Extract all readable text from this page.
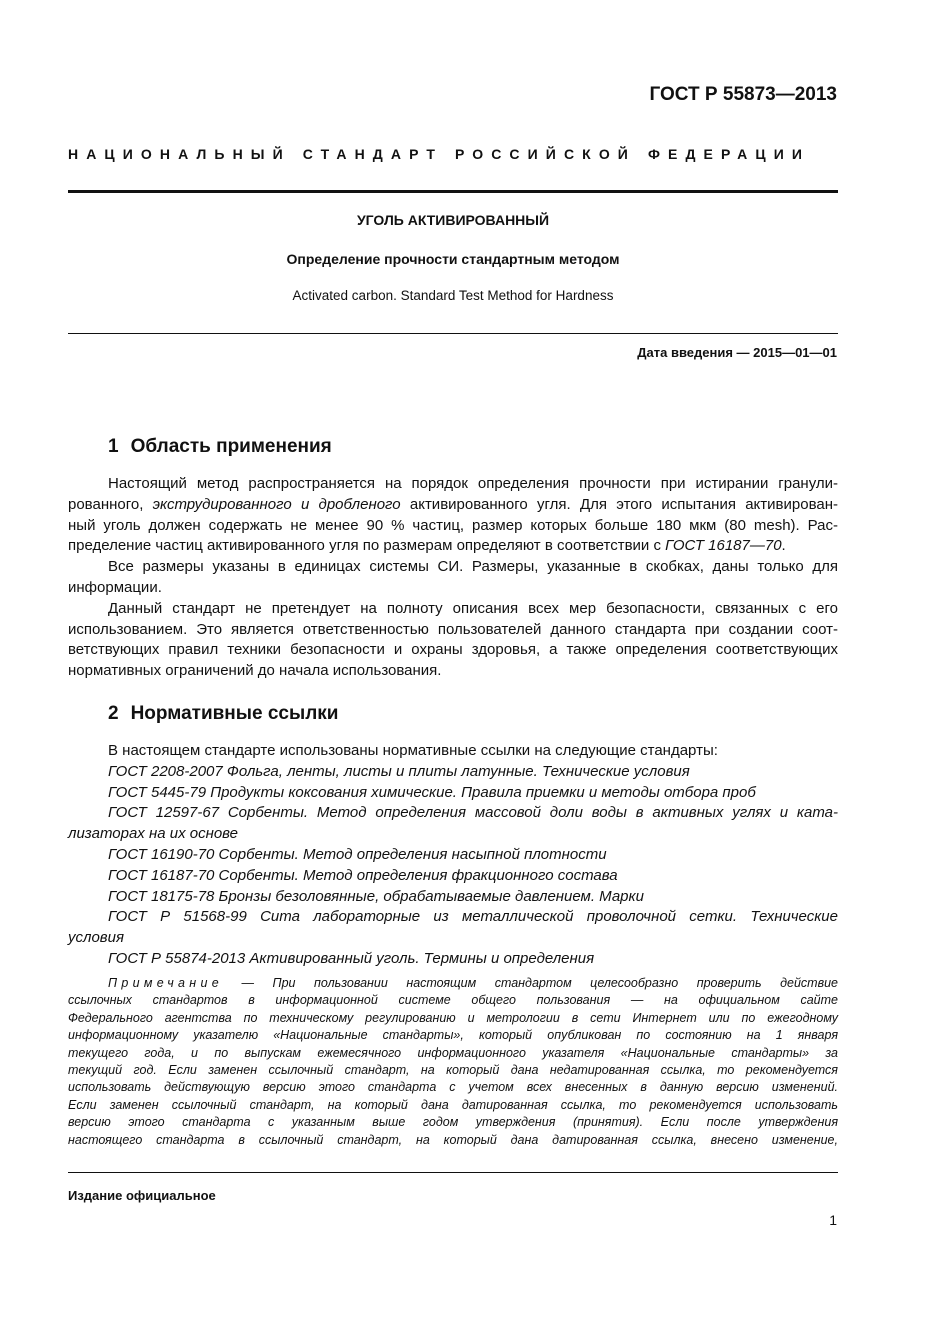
ГОСТ Р 55873—2013
НАЦИОНАЛЬНЫЙ СТАНДАРТ РОССИЙСКОЙ ФЕДЕРАЦИИ
УГОЛЬ АКТИВИРОВАННЫЙ
Определение прочности стандартным методом
Activated carbon. Standard Test Method for Hardness
Дата введения — 2015—01—01
1 Область применения
Настоящий метод распространяется на порядок определения прочности при истирании гранули-
рованного, экструдированного и дробленого активированного угля. Для этого испытания активирован-
ный уголь должен содержать не менее 90 % частиц, размер которых больше 180 мкм (80 mesh). Рас-
пределение частиц активированного угля по размерам определяют в соответствии с ГОСТ 16187—70.
Все размеры указаны в единицах системы СИ. Размеры, указанные в скобках, даны только для
информации.
Данный стандарт не претендует на полноту описания всех мер безопасности, связанных с его
использованием. Это является ответственностью пользователей данного стандарта при создании соот-
ветствующих правил техники безопасности и охраны здоровья, а также определения соответствующих
нормативных ограничений до начала использования.
2 Нормативные ссылки
В настоящем стандарте использованы нормативные ссылки на следующие стандарты:
ГОСТ 2208-2007 Фольга, ленты, листы и плиты латунные. Технические условия
ГОСТ 5445-79 Продукты коксования химические. Правила приемки и методы отбора проб
ГОСТ 12597-67 Сорбенты. Метод определения массовой доли воды в активных углях и ката-
лизаторах на их основе
ГОСТ 16190-70 Сорбенты. Метод определения насыпной плотности
ГОСТ 16187-70 Сорбенты. Метод определения фракционного состава
ГОСТ 18175-78 Бронзы безоловянные, обрабатываемые давлением. Марки
ГОСТ Р 51568-99 Сита лабораторные из металлической проволочной сетки. Технические
условия
ГОСТ Р 55874-2013 Активированный уголь. Термины и определения
Примечание — При пользовании настоящим стандартом целесообразно проверить действие
ссылочных стандартов в информационной системе общего пользования — на официальном сайте
Федерального агентства по техническому регулированию и метрологии в сети Интернет или по ежегодному
информационному указателю «Национальные стандарты», который опубликован по состоянию на 1 января
текущего года, и по выпускам ежемесячного информационного указателя «Национальные стандарты» за
текущий год. Если заменен ссылочный стандарт, на который дана недатированная ссылка, то рекомендуется
использовать действующую версию этого стандарта с учетом всех внесенных в данную версию изменений.
Если заменен ссылочный стандарт, на который дана датированная ссылка, то рекомендуется использовать
версию этого стандарта с указанным выше годом утверждения (принятия). Если после утверждения
настоящего стандарта в ссылочный стандарт, на который дана датированная ссылка, внесено изменение,
Издание официальное
1
